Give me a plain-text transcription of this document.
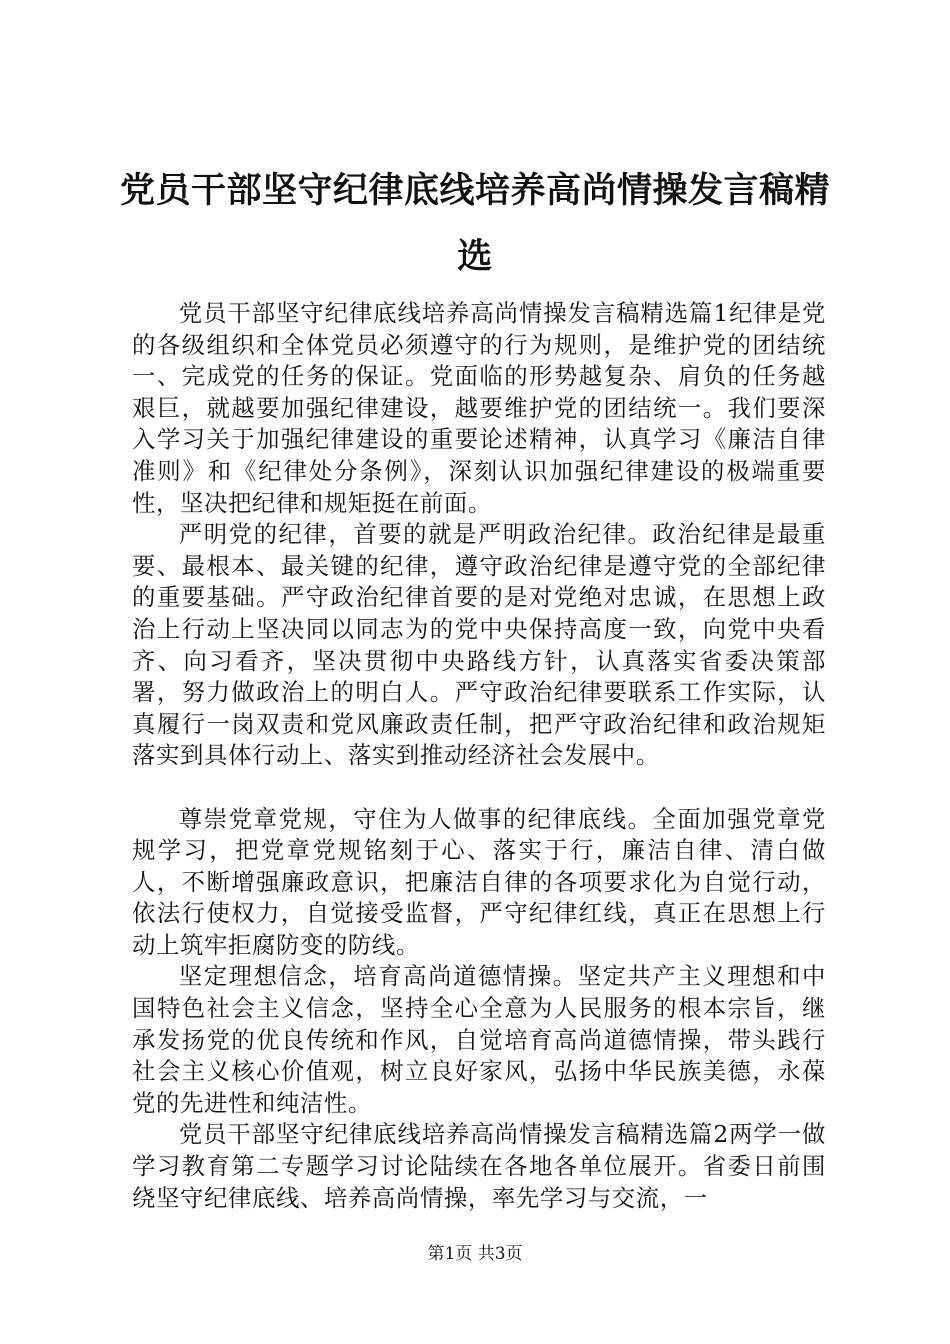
党员干部坚守纪律底线培养高尚情操发言稿精选

党员干部坚守纪律底线培养高尚情操发言稿精选篇1纪律是党的各级组织和全体党员必须遵守的行为规则，是维护党的团结统一、完成党的任务的保证。党面临的形势越复杂、肩负的任务越艰巨，就越要加强纪律建设，越要维护党的团结统一。我们要深入学习关于加强纪律建设的重要论述精神，认真学习《廉洁自律准则》和《纪律处分条例》，深刻认识加强纪律建设的极端重要性，坚决把纪律和规矩挺在前面。

严明党的纪律，首要的就是严明政治纪律。政治纪律是最重要、最根本、最关键的纪律，遵守政治纪律是遵守党的全部纪律的重要基础。严守政治纪律首要的是对党绝对忠诚，在思想上政治上行动上坚决同以同志为的党中央保持高度一致，向党中央看齐、向习看齐，坚决贯彻中央路线方针，认真落实省委决策部署，努力做政治上的明白人。严守政治纪律要联系工作实际，认真履行一岗双责和党风廉政责任制，把严守政治纪律和政治规矩落实到具体行动上、落实到推动经济社会发展中。

尊崇党章党规，守住为人做事的纪律底线。全面加强党章党规学习，把党章党规铭刻于心、落实于行，廉洁自律、清白做人，不断增强廉政意识，把廉洁自律的各项要求化为自觉行动，依法行使权力，自觉接受监督，严守纪律红线，真正在思想上行动上筑牢拒腐防变的防线。

坚定理想信念，培育高尚道德情操。坚定共产主义理想和中国特色社会主义信念，坚持全心全意为人民服务的根本宗旨，继承发扬党的优良传统和作风，自觉培育高尚道德情操，带头践行社会主义核心价值观，树立良好家风，弘扬中华民族美德，永葆党的先进性和纯洁性。

党员干部坚守纪律底线培养高尚情操发言稿精选篇2两学一做学习教育第二专题学习讨论陆续在各地各单位展开。省委日前围绕坚守纪律底线、培养高尚情操，率先学习与交流，一

第1页 共3页
